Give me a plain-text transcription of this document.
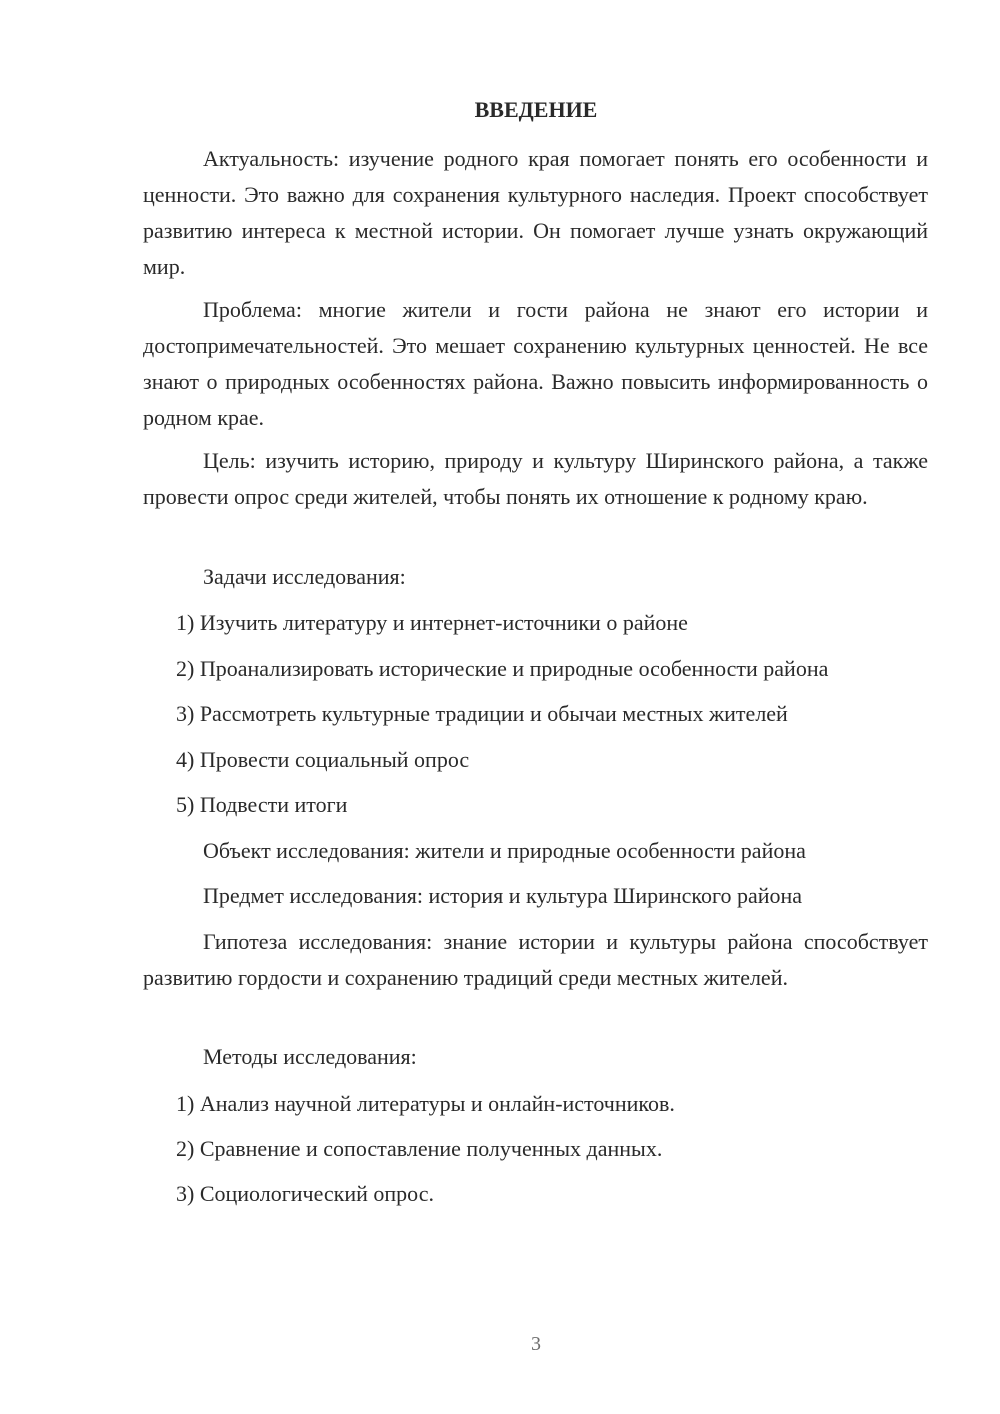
ВВЕДЕНИЕ

Актуальность: изучение родного края помогает понять его особенности и ценности. Это важно для сохранения культурного наследия. Проект способствует развитию интереса к местной истории. Он помогает лучше узнать окружающий мир.

Проблема: многие жители и гости района не знают его истории и достопримечательностей. Это мешает сохранению культурных ценностей. Не все знают о природных особенностях района. Важно повысить информированность о родном крае.

Цель: изучить историю, природу и культуру Ширинского района, а также провести опрос среди жителей, чтобы понять их отношение к родному краю.

Задачи исследования:

1) Изучить литературу и интернет-источники о районе

2) Проанализировать исторические и природные особенности района

3) Рассмотреть культурные традиции и обычаи местных жителей

4) Провести социальный опрос

5) Подвести итоги

Объект исследования: жители и природные особенности района

Предмет исследования: история и культура Ширинского района

Гипотеза исследования: знание истории и культуры района способствует развитию гордости и сохранению традиций среди местных жителей.

Методы исследования:

1) Анализ научной литературы и онлайн-источников.

2) Сравнение и сопоставление полученных данных.

3) Социологический опрос.

3
